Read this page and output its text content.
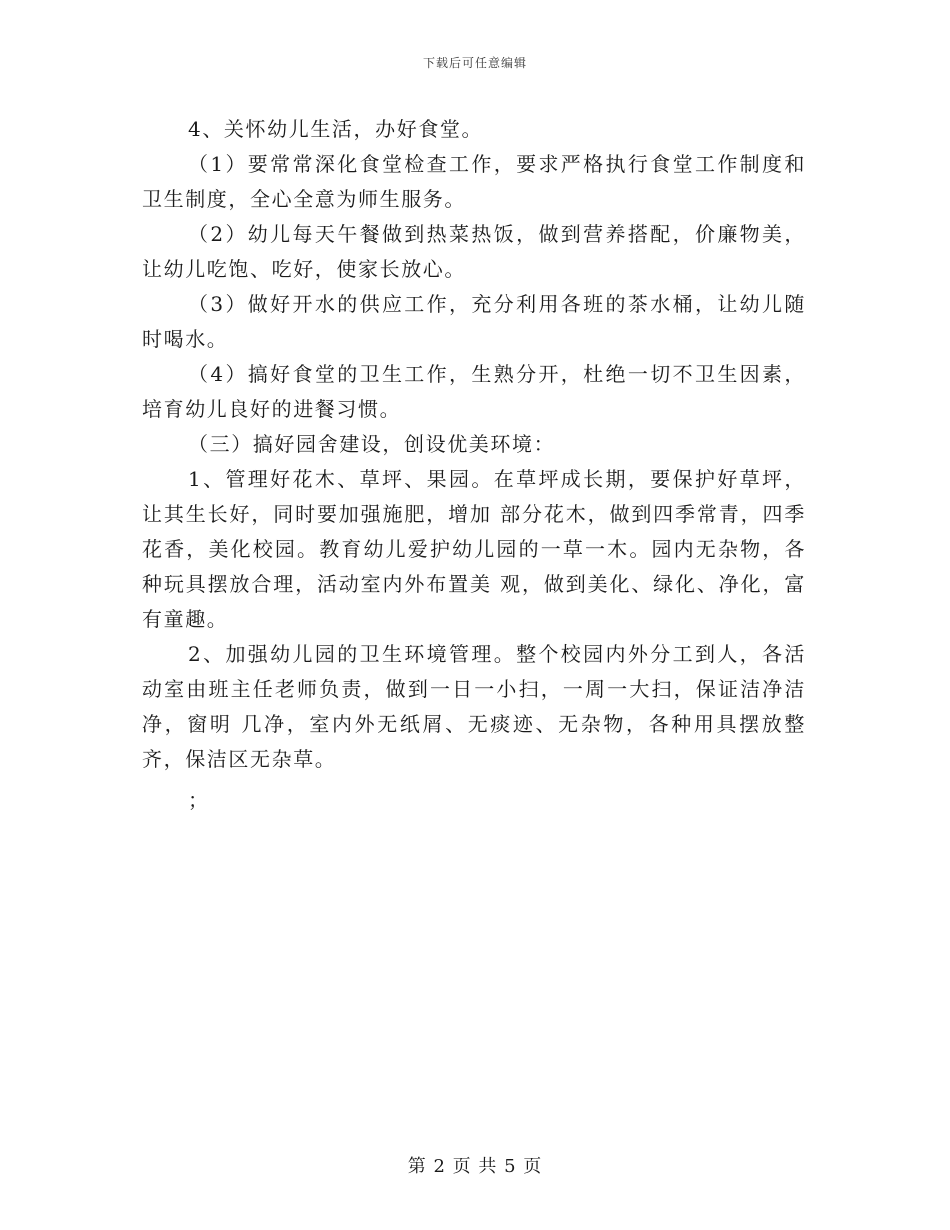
下载后可任意编辑

4、关怀幼儿生活，办好食堂。

（1）要常常深化食堂检查工作，要求严格执行食堂工作制度和卫生制度，全心全意为师生服务。

（2）幼儿每天午餐做到热菜热饭，做到营养搭配，价廉物美，让幼儿吃饱、吃好，使家长放心。

（3）做好开水的供应工作，充分利用各班的茶水桶，让幼儿随时喝水。

（4）搞好食堂的卫生工作，生熟分开，杜绝一切不卫生因素，培育幼儿良好的进餐习惯。

（三）搞好园舍建设，创设优美环境：

1、管理好花木、草坪、果园。在草坪成长期，要保护好草坪，让其生长好，同时要加强施肥，增加 部分花木，做到四季常青，四季花香，美化校园。教育幼儿爱护幼儿园的一草一木。园内无杂物，各种玩具摆放合理，活动室内外布置美 观，做到美化、绿化、净化，富有童趣。

2、加强幼儿园的卫生环境管理。整个校园内外分工到人，各活动室由班主任老师负责，做到一日一小扫，一周一大扫，保证洁净洁净，窗明 几净，室内外无纸屑、无痰迹、无杂物，各种用具摆放整齐，保洁区无杂草。

；

第 2 页 共 5 页
